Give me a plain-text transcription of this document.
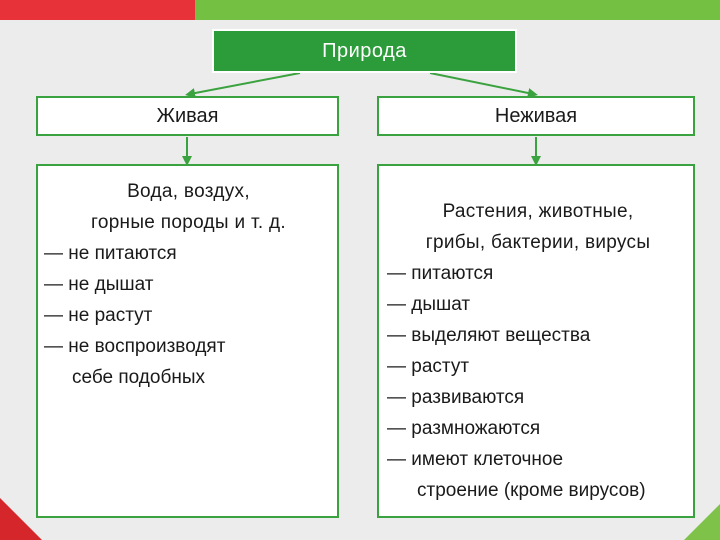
Природа
Живая	Неживая
Вода, воздух,
горные породы и т. д.
— не питаются
— не дышат
— не растут
— не воспроизводят
себе подобных
Растения, животные,
грибы, бактерии, вирусы
— питаются
— дышат
— выделяют вещества
— растут
— развиваются
— размножаются
— имеют клеточное
строение (кроме вирусов)
